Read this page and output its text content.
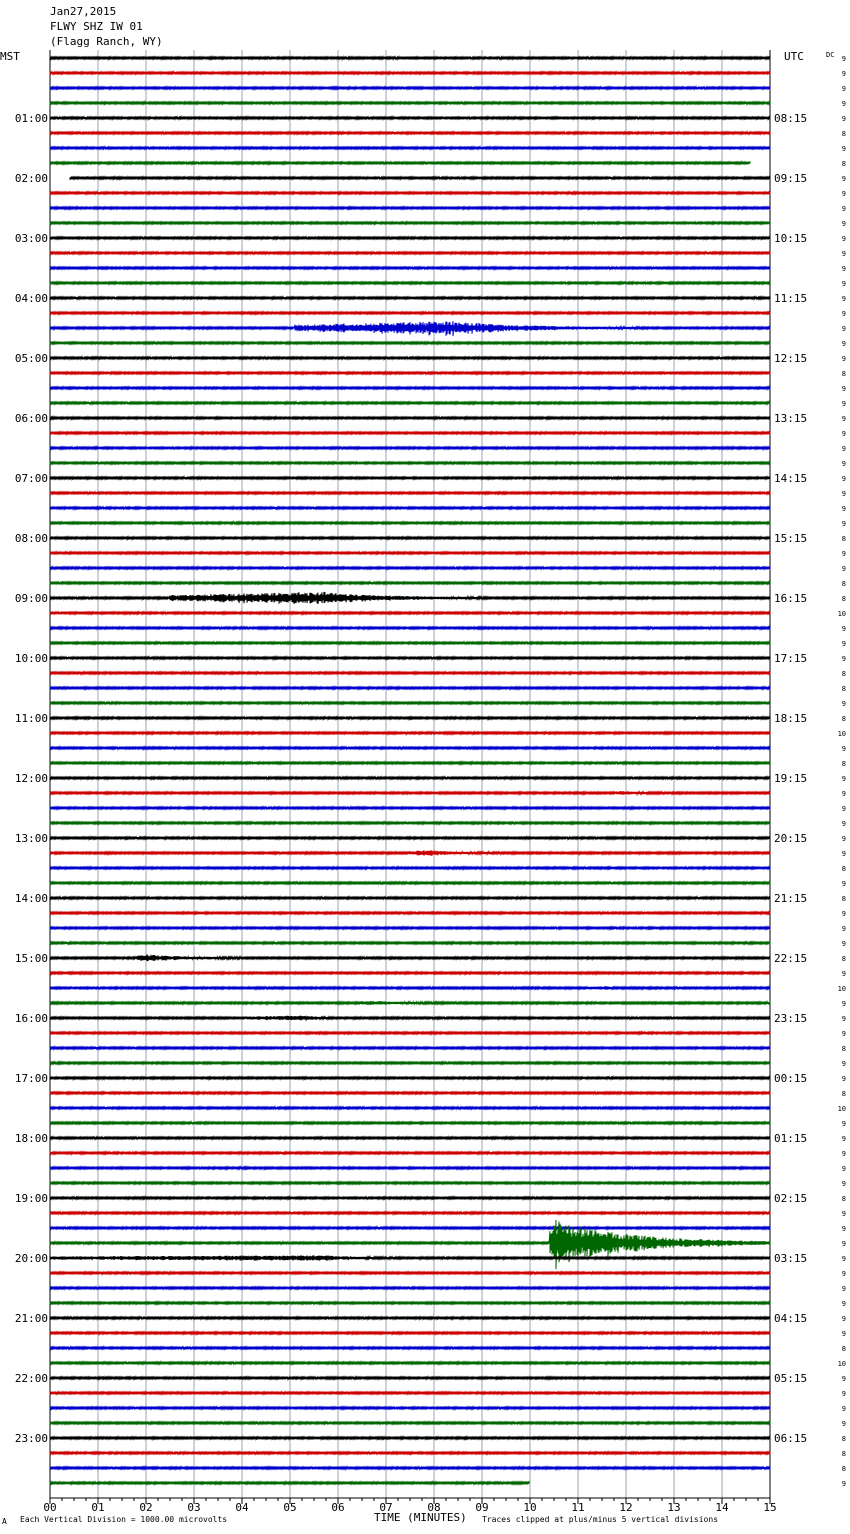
Jan27,2015
FLWY SHZ IW 01
(Flagg Ranch, WY)
00	01	02	03	04	05	06	07	08	09	10	11	12	13	14	15
MST	UTC	DC
01:00
02:00
03:00
04:00
05:00
06:00
07:00
08:00
09:00
10:00
11:00
12:00
13:00
14:00
15:00
16:00
17:00
18:00
19:00
20:00
21:00
22:00
23:00
08:15
09:15
10:15
11:15
12:15
13:15
14:15
15:15
16:15
17:15
18:15
19:15
20:15
21:15
22:15
23:15
00:15
01:15
02:15
03:15
04:15
05:15
06:15
9
9
9
9
9
8
9
8
9
9
9
9
9
9
9
9
9
9
9
9
9
8
9
9
9
9
9
9
9
9
9
9
8
9
9
8
8
10
9
9
9
8
8
9
8
10
9
8
9
9
9
9
9
9
8
9
8
9
9
9
8
9
10
9
9
9
8
9
9
8
10
9
9
9
9
9
8
9
9
9
9
9
9
9
9
9
8
10
9
9
9
9
8
8
8
9
A Each Vertical Division = 1000.00 microvolts	TIME (MINUTES) Traces clipped at plus/minus 5 vertical divisions
